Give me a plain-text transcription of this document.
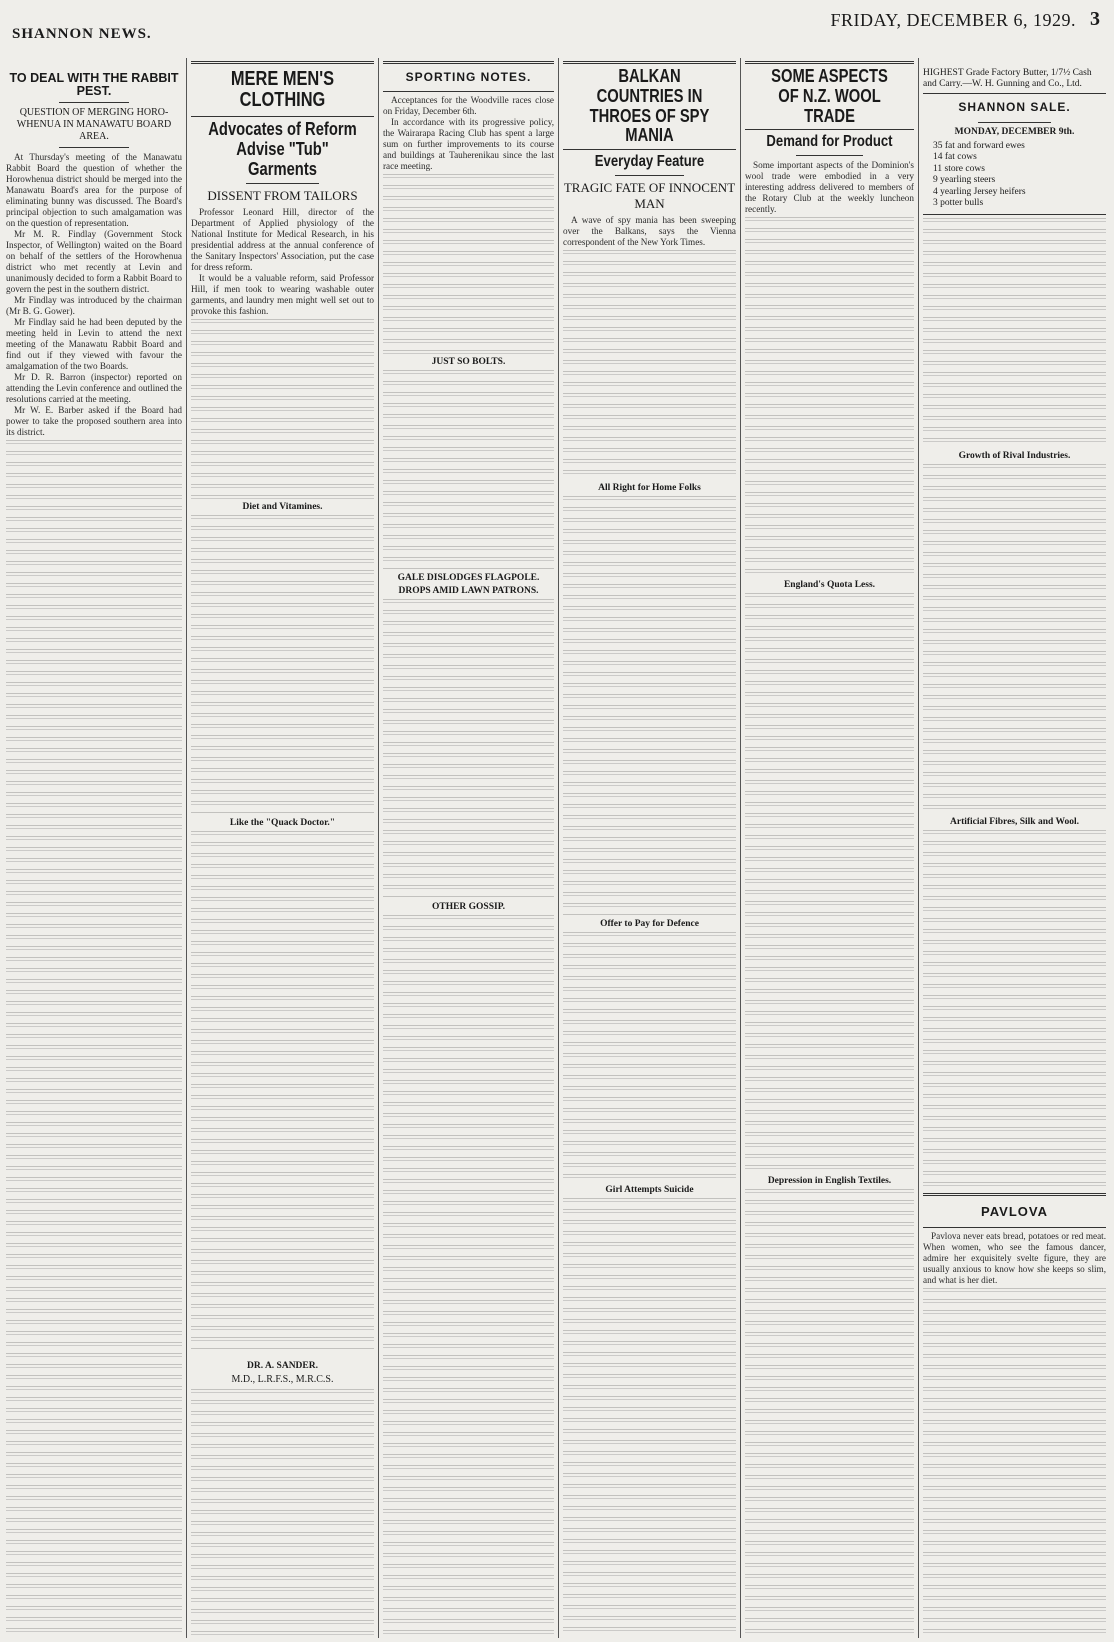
SHANNON NEWS.
FRIDAY, DECEMBER 6, 1929. 3
TO DEAL WITH THE RABBIT PEST.
QUESTION OF MERGING HORO-WHENUA IN MANAWATU BOARD AREA.

At Thursday's meeting of the Manawatu Rabbit Board the question of whether the Horowhenua district should be merged into the Manawatu Board's area for the purpose of eliminating bunny was discussed. The Board's principal objection to such amalgamation was on the question of representation.

Mr M. R. Findlay (Government Stock Inspector, of Wellington) waited on the Board on behalf of the settlers of the Horowhenua district who met recently at Levin and unanimously decided to form a Rabbit Board to govern the pest in the southern district.

Mr Findlay was introduced by the chairman (Mr B. G. Gower).

Mr Findlay said he had been deputed by the meeting held in Levin to attend the next meeting of the Manawatu Rabbit Board and find out if they viewed with favour the amalgamation of the two Boards.

Mr D. R. Barron (inspector) reported on attending the Levin conference and outlined the resolutions carried at the meeting.

Mr W. E. Barber asked if the Board had power to take the proposed southern area into its district.

MERE MEN'S CLOTHING
Advocates of Reform Advise "Tub" Garments
DISSENT FROM TAILORS

Professor Leonard Hill, director of the Department of Applied physiology of the National Institute for Medical Research, in his presidential address at the annual conference of the Sanitary Inspectors' Association, put the case for dress reform.

It would be a valuable reform, said Professor Hill, if men took to wearing washable outer garments, and laundry men might well set out to provoke this fashion.

Diet and Vitamines.
Like the "Quack Doctor."
DR. A. SANDER.
M.D., L.R.F.S., M.R.C.S.
SPORTING NOTES.

Acceptances for the Woodville races close on Friday, December 6th.

In accordance with its progressive policy, the Wairarapa Racing Club has spent a large sum on further improvements to its course and buildings at Tauherenikau since the last race meeting.

JUST SO BOLTS.
GALE DISLODGES FLAGPOLE.
DROPS AMID LAWN PATRONS.
OTHER GOSSIP.
BALKAN COUNTRIES IN THROES OF SPY MANIA
Everyday Feature
TRAGIC FATE OF INNOCENT MAN

A wave of spy mania has been sweeping over the Balkans, says the Vienna correspondent of the New York Times.

All Right for Home Folks
Offer to Pay for Defence
Girl Attempts Suicide
SOME ASPECTS OF N.Z. WOOL TRADE
Demand for Product

Some important aspects of the Dominion's wool trade were embodied in a very interesting address delivered to members of the Rotary Club at the weekly luncheon recently.

England's Quota Less.
Depression in English Textiles.
HIGHEST Grade Factory Butter, 1/7½ Cash and Carry.—W. H. Gunning and Co., Ltd.
SHANNON SALE.
MONDAY, DECEMBER 9th.
35 fat and forward ewes
14 fat cows
11 store cows
9 yearling steers
4 yearling Jersey heifers
3 potter bulls
Growth of Rival Industries.
Artificial Fibres, Silk and Wool.
PAVLOVA

Pavlova never eats bread, potatoes or red meat. When women, who see the famous dancer, admire her exquisitely svelte figure, they are usually anxious to know how she keeps so slim, and what is her diet.
